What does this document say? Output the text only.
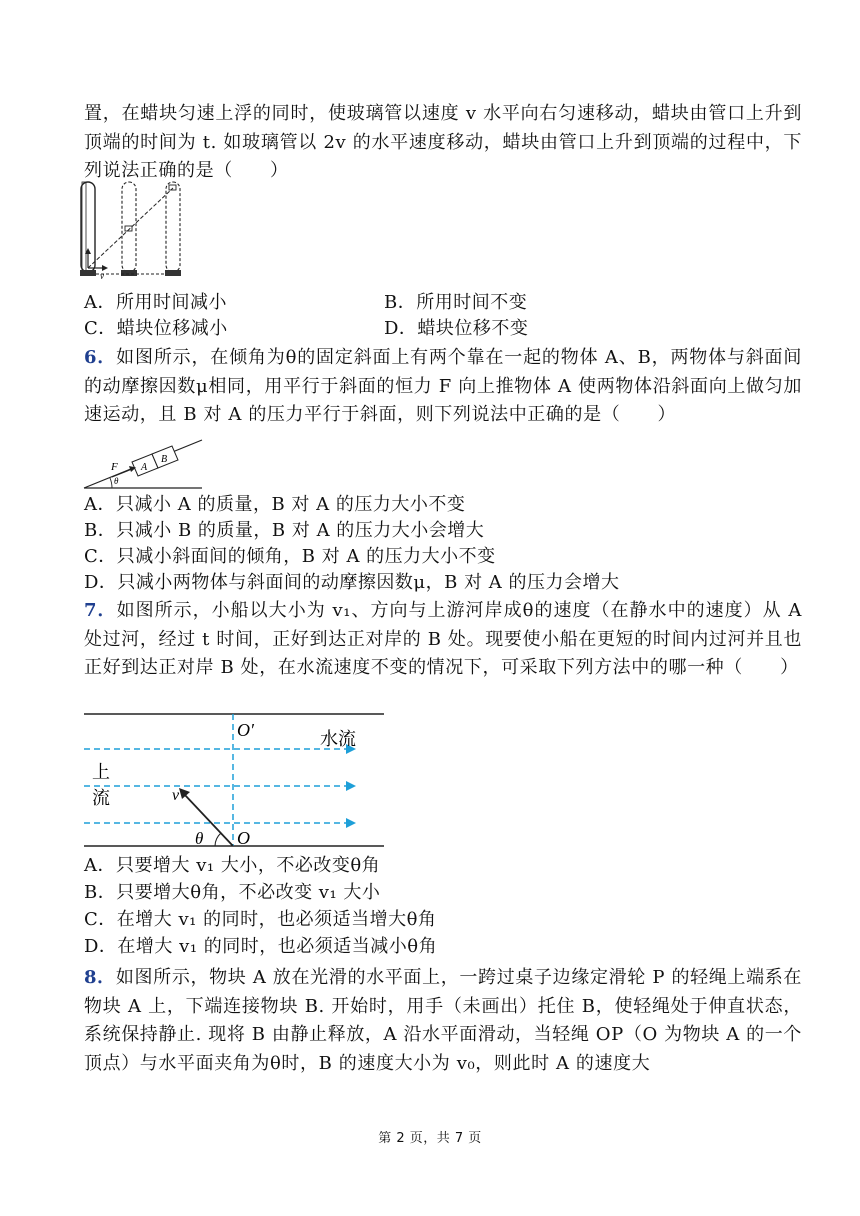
置，在蜡块匀速上浮的同时，使玻璃管以速度 v 水平向右匀速移动，蜡块由管口上升到顶端的时间为 t. 如玻璃管以 2v 的水平速度移动，蜡块由管口上升到顶端的过程中，下列说法正确的是（　　）
v
A．所用时间减小	B．所用时间不变
C．蜡块位移减小	D．蜡块位移不变
6．如图所示，在倾角为θ的固定斜面上有两个靠在一起的物体 A、B，两物体与斜面间的动摩擦因数μ相同，用平行于斜面的恒力 F 向上推物体 A 使两物体沿斜面向上做匀加速运动，且 B 对 A 的压力平行于斜面，则下列说法中正确的是（　　）
θ
A
B
F
A．只减小 A 的质量，B 对 A 的压力大小不变
B．只减小 B 的质量，B 对 A 的压力大小会增大
C．只减小斜面间的倾角，B 对 A 的压力大小不变
D．只减小两物体与斜面间的动摩擦因数μ，B 对 A 的压力会增大
7．如图所示，小船以大小为 v₁、方向与上游河岸成θ的速度（在静水中的速度）从 A 处过河，经过 t 时间，正好到达正对岸的 B 处。现要使小船在更短的时间内过河并且也正好到达正对岸 B 处，在水流速度不变的情况下，可采取下列方法中的哪一种（　　）
θ
v
O′
O
水流
上
流
A．只要增大 v₁ 大小，不必改变θ角
B．只要增大θ角，不必改变 v₁ 大小
C．在增大 v₁ 的同时，也必须适当增大θ角
D．在增大 v₁ 的同时，也必须适当减小θ角
8．如图所示，物块 A 放在光滑的水平面上，一跨过桌子边缘定滑轮 P 的轻绳上端系在物块 A 上，下端连接物块 B. 开始时，用手（未画出）托住 B，使轻绳处于伸直状态，系统保持静止. 现将 B 由静止释放，A 沿水平面滑动，当轻绳 OP（O 为物块 A 的一个顶点）与水平面夹角为θ时，B 的速度大小为 v₀，则此时 A 的速度大
第 2 页，共 7 页
